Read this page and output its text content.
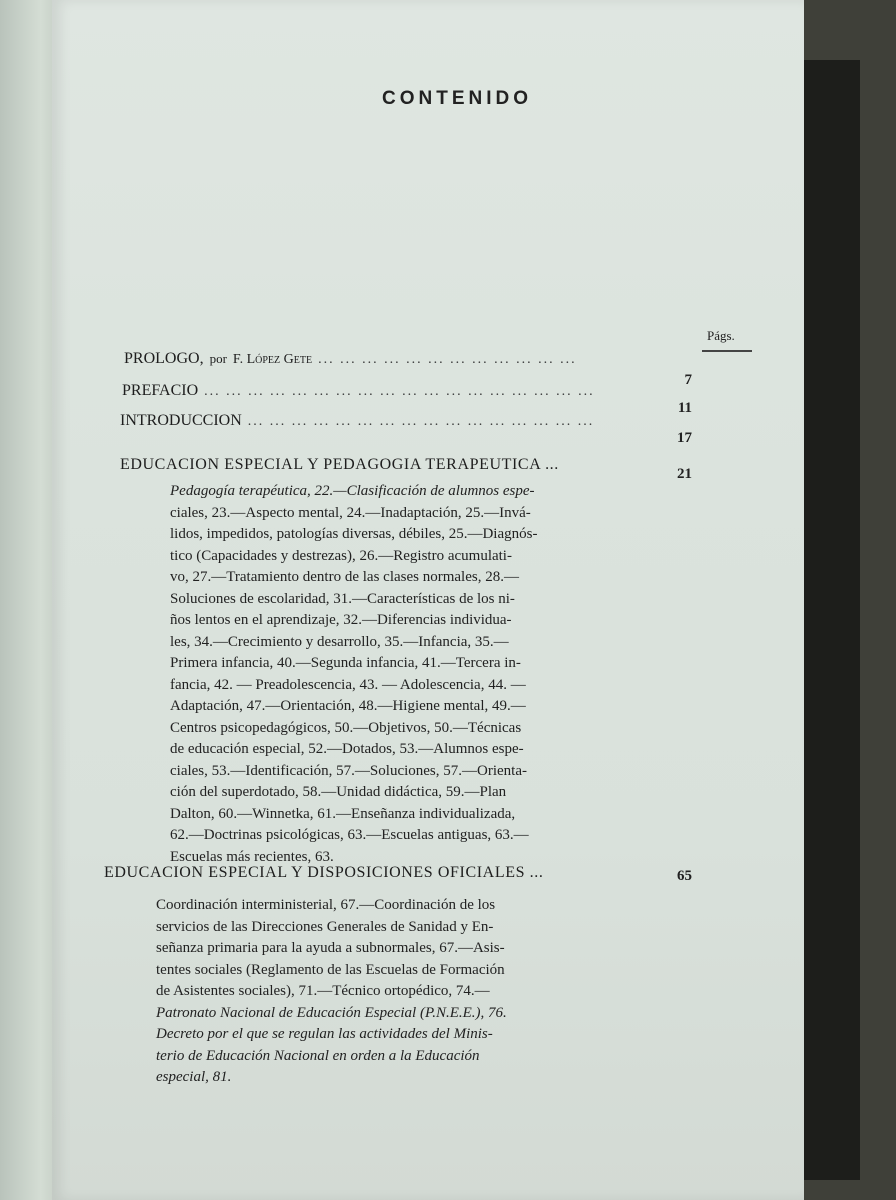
CONTENIDO
Págs.
PROLOGO, por F. López Gete ... ... ... ... ... ... ... ... ... ... ... ...
7
PREFACIO ... ... ... ... ... ... ... ... ... ... ... ... ... ... ... ... ... ...
11
INTRODUCCION ... ... ... ... ... ... ... ... ... ... ... ... ... ... ... ...
17
EDUCACION ESPECIAL Y PEDAGOGIA TERAPEUTICA ...
21

Pedagogía terapéutica, 22.—Clasificación de alumnos espe-

ciales, 23.—Aspecto mental, 24.—Inadaptación, 25.—Invá-

lidos, impedidos, patologías diversas, débiles, 25.—Diagnós-

tico (Capacidades y destrezas), 26.—Registro acumulati-

vo, 27.—Tratamiento dentro de las clases normales, 28.—

Soluciones de escolaridad, 31.—Características de los ni-

ños lentos en el aprendizaje, 32.—Diferencias individua-

les, 34.—Crecimiento y desarrollo, 35.—Infancia, 35.—

Primera infancia, 40.—Segunda infancia, 41.—Tercera in-

fancia, 42. — Preadolescencia, 43. — Adolescencia, 44. —

Adaptación, 47.—Orientación, 48.—Higiene mental, 49.—

Centros psicopedagógicos, 50.—Objetivos, 50.—Técnicas

de educación especial, 52.—Dotados, 53.—Alumnos espe-

ciales, 53.—Identificación, 57.—Soluciones, 57.—Orienta-

ción del superdotado, 58.—Unidad didáctica, 59.—Plan

Dalton, 60.—Winnetka, 61.—Enseñanza individualizada,

62.—Doctrinas psicológicas, 63.—Escuelas antiguas, 63.—

Escuelas más recientes, 63.

EDUCACION ESPECIAL Y DISPOSICIONES OFICIALES ...	65

Coordinación interministerial, 67.—Coordinación de los

servicios de las Direcciones Generales de Sanidad y En-

señanza primaria para la ayuda a subnormales, 67.—Asis-

tentes sociales (Reglamento de las Escuelas de Formación

de Asistentes sociales), 71.—Técnico ortopédico, 74.—

Patronato Nacional de Educación Especial (P.N.E.E.), 76.

Decreto por el que se regulan las actividades del Minis-

terio de Educación Nacional en orden a la Educación

especial, 81.
